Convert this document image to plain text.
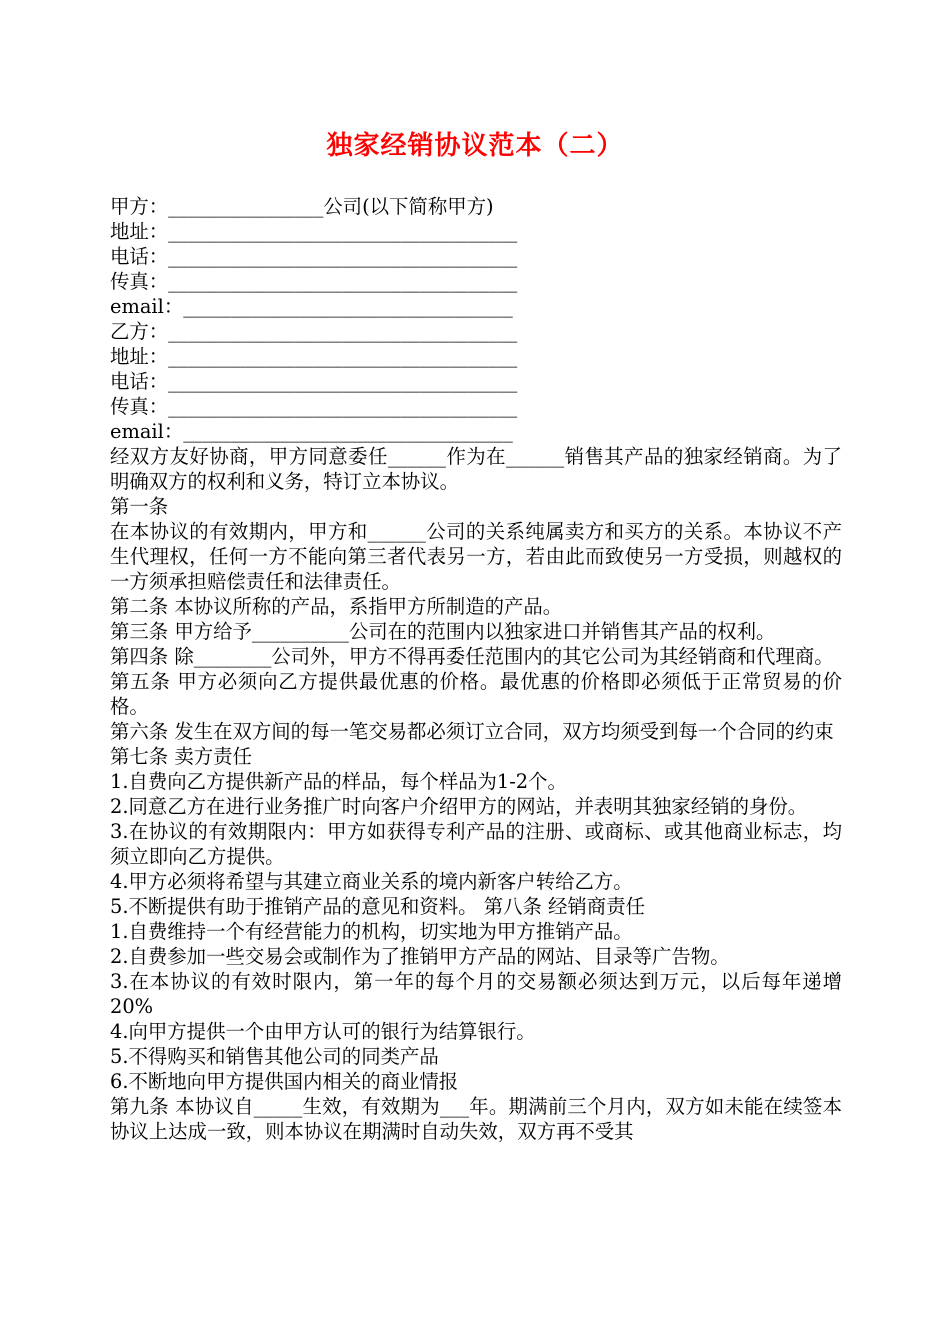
独家经销协议范本（二）
甲方：________________公司(以下简称甲方)
地址：____________________________________
电话：____________________________________
传真：____________________________________
email：__________________________________
乙方：____________________________________
地址：____________________________________
电话：____________________________________
传真：____________________________________
email：__________________________________
经双方友好协商，甲方同意委任______作为在______销售其产品的独家经销商。为了明确双方的权利和义务，特订立本协议。
第一条
在本协议的有效期内，甲方和______公司的关系纯属卖方和买方的关系。本协议不产生代理权，任何一方不能向第三者代表另一方，若由此而致使另一方受损，则越权的一方须承担赔偿责任和法律责任。
第二条 本协议所称的产品，系指甲方所制造的产品。
第三条 甲方给予__________公司在的范围内以独家进口并销售其产品的权利。
第四条 除________公司外，甲方不得再委任范围内的其它公司为其经销商和代理商。
第五条 甲方必须向乙方提供最优惠的价格。最优惠的价格即必须低于正常贸易的价格。
第六条 发生在双方间的每一笔交易都必须订立合同，双方均须受到每一个合同的约束
第七条 卖方责任
1.自费向乙方提供新产品的样品，每个样品为1-2个。
2.同意乙方在进行业务推广时向客户介绍甲方的网站，并表明其独家经销的身份。
3.在协议的有效期限内：甲方如获得专利产品的注册、或商标、或其他商业标志，均须立即向乙方提供。
4.甲方必须将希望与其建立商业关系的境内新客户转给乙方。
5.不断提供有助于推销产品的意见和资料。 第八条 经销商责任
1.自费维持一个有经营能力的机构，切实地为甲方推销产品。
2.自费参加一些交易会或制作为了推销甲方产品的网站、目录等广告物。
3.在本协议的有效时限内，第一年的每个月的交易额必须达到万元，以后每年递增20%
4.向甲方提供一个由甲方认可的银行为结算银行。
5.不得购买和销售其他公司的同类产品
6.不断地向甲方提供国内相关的商业情报
第九条 本协议自_____生效，有效期为___年。期满前三个月内，双方如未能在续签本协议上达成一致，则本协议在期满时自动失效，双方再不受其
